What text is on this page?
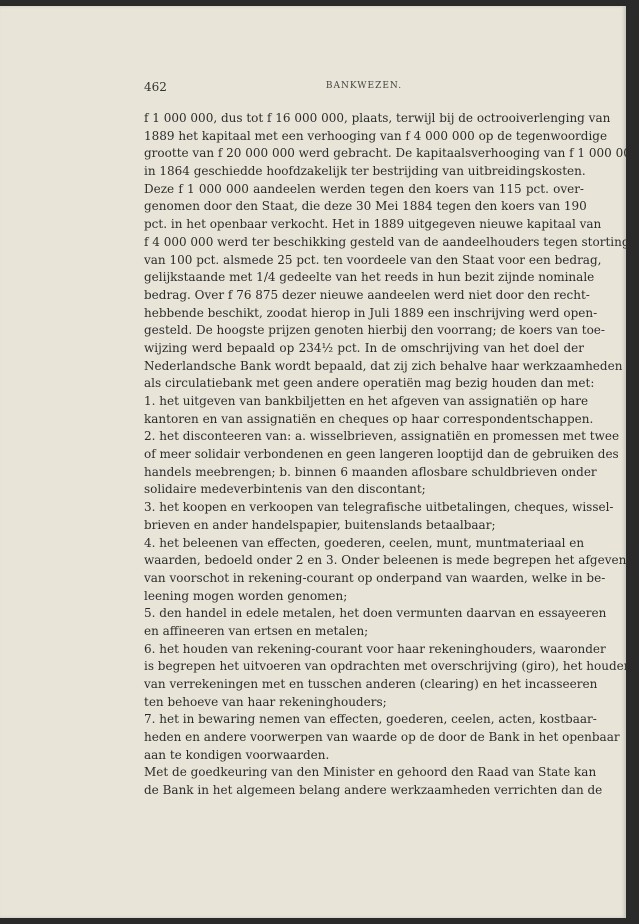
462	BANKWEZEN.
f 1 000 000, dus tot f 16 000 000, plaats, terwijl bij de octrooiverlenging van
1889 het kapitaal met een verhooging van f 4 000 000 op de tegenwoordige
grootte van f 20 000 000 werd gebracht. De kapitaalsverhooging van f 1 000 000
in 1864 geschiedde hoofdzakelijk ter bestrijding van uitbreidingskosten.
Deze f 1 000 000 aandeelen werden tegen den koers van 115 pct. over-
genomen door den Staat, die deze 30 Mei 1884 tegen den koers van 190
pct. in het openbaar verkocht. Het in 1889 uitgegeven nieuwe kapitaal van
f 4 000 000 werd ter beschikking gesteld van de aandeelhouders tegen storting
van 100 pct. alsmede 25 pct. ten voordeele van den Staat voor een bedrag,
gelijkstaande met 1/4 gedeelte van het reeds in hun bezit zijnde nominale
bedrag. Over f 76 875 dezer nieuwe aandeelen werd niet door den recht-
hebbende beschikt, zoodat hierop in Juli 1889 een inschrijving werd open-
gesteld. De hoogste prijzen genoten hierbij den voorrang; de koers van toe-
wijzing werd bepaald op 234½ pct. In de omschrijving van het doel der
Nederlandsche Bank wordt bepaald, dat zij zich behalve haar werkzaamheden
als circulatiebank met geen andere operatiën mag bezig houden dan met:
1. het uitgeven van bankbiljetten en het afgeven van assignatiën op hare
kantoren en van assignatiën en cheques op haar correspondentschappen.
2. het disconteeren van: a. wisselbrieven, assignatiën en promessen met twee
of meer solidair verbondenen en geen langeren looptijd dan de gebruiken des
handels meebrengen; b. binnen 6 maanden aflosbare schuldbrieven onder
solidaire medeverbintenis van den discontant;
3. het koopen en verkoopen van telegrafische uitbetalingen, cheques, wissel-
brieven en ander handelspapier, buitenslands betaalbaar;
4. het beleenen van effecten, goederen, ceelen, munt, muntmateriaal en
waarden, bedoeld onder 2 en 3. Onder beleenen is mede begrepen het afgeven
van voorschot in rekening-courant op onderpand van waarden, welke in be-
leening mogen worden genomen;
5. den handel in edele metalen, het doen vermunten daarvan en essayeeren
en affineeren van ertsen en metalen;
6. het houden van rekening-courant voor haar rekeninghouders, waaronder
is begrepen het uitvoeren van opdrachten met overschrijving (giro), het houden
van verrekeningen met en tusschen anderen (clearing) en het incasseeren
ten behoeve van haar rekeninghouders;
7. het in bewaring nemen van effecten, goederen, ceelen, acten, kostbaar-
heden en andere voorwerpen van waarde op de door de Bank in het openbaar
aan te kondigen voorwaarden.
Met de goedkeuring van den Minister en gehoord den Raad van State kan
de Bank in het algemeen belang andere werkzaamheden verrichten dan de
